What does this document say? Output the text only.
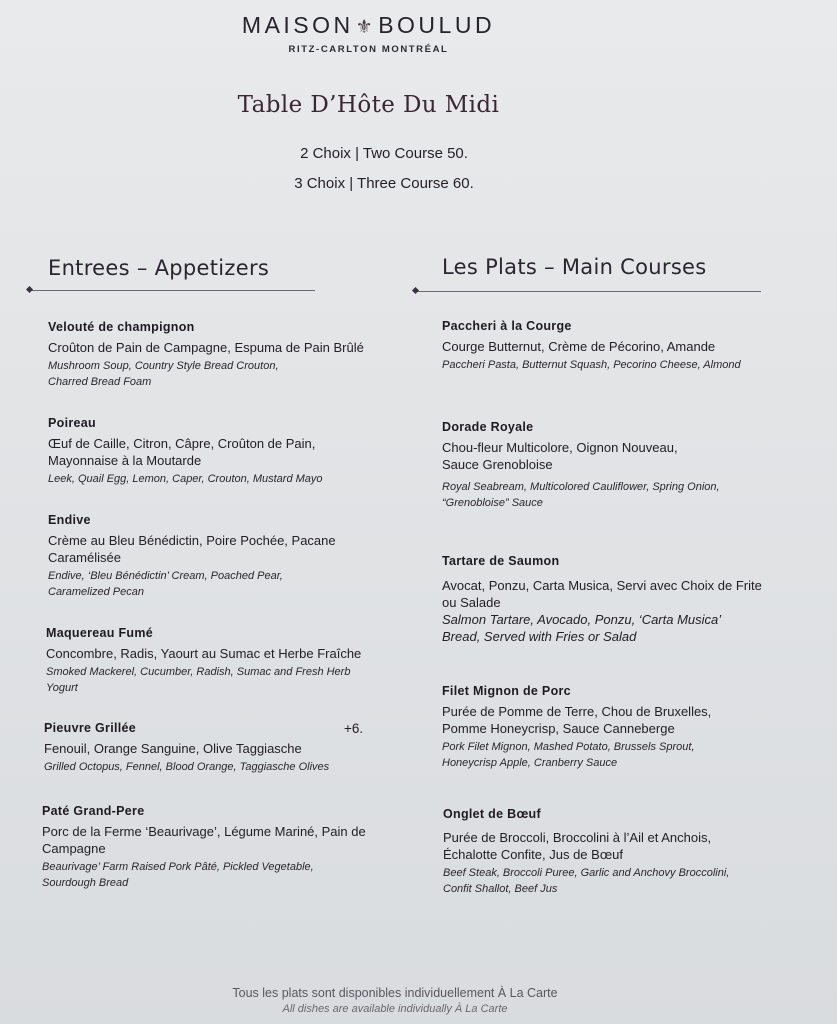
MAISON ⚜BOULUD
RITZ-CARLTON MONTRÉAL
Table D’Hôte Du Midi
2 Choix | Two Course 50.
3 Choix | Three Course 60.
Entrees – Appetizers	Les Plats – Main Courses

Velouté de champignon

Croûton de Pain de Campagne, Espuma de Pain Brûlé

Mushroom Soup, Country Style Bread Crouton, Charred Bread Foam

Poireau

Œuf de Caille, Citron, Câpre, Croûton de Pain, Mayonnaise à la Moutarde

Leek, Quail Egg, Lemon, Caper, Crouton, Mustard Mayo

Endive

Crème au Bleu Bénédictin, Poire Pochée, Pacane Caramélisée

Endive, ‘Bleu Bénédictin’ Cream, Poached Pear, Caramelized Pecan

Maquereau Fumé

Concombre, Radis, Yaourt au Sumac et Herbe Fraîche

Smoked Mackerel, Cucumber, Radish, Sumac and Fresh Herb Yogurt

Pieuvre Grillée

Fenouil, Orange Sanguine, Olive Taggiasche

Grilled Octopus, Fennel, Blood Orange, Taggiasche Olives

+6.

Paté Grand-Pere

Porc de la Ferme ‘Beaurivage’, Légume Mariné, Pain de Campagne

Beaurivage’ Farm Raised Pork Pâté, Pickled Vegetable, Sourdough Bread

Paccheri à la Courge

Courge Butternut, Crème de Pécorino, Amande

Paccheri Pasta, Butternut Squash, Pecorino Cheese, Almond

Dorade Royale

Chou-fleur Multicolore, Oignon Nouveau, Sauce Grenobloise

Royal Seabream, Multicolored Cauliflower, Spring Onion, “Grenobloise” Sauce

Tartare de Saumon

Avocat, Ponzu, Carta Musica, Servi avec Choix de Frite ou Salade

Salmon Tartare, Avocado, Ponzu, ‘Carta Musica’ Bread, Served with Fries or Salad

Filet Mignon de Porc

Purée de Pomme de Terre, Chou de Bruxelles, Pomme Honeycrisp, Sauce Canneberge

Pork Filet Mignon, Mashed Potato, Brussels Sprout, Honeycrisp Apple, Cranberry Sauce

Onglet de Bœuf

Purée de Broccoli, Broccolini à l’Ail et Anchois, Échalotte Confite, Jus de Bœuf

Beef Steak, Broccoli Puree, Garlic and Anchovy Broccolini, Confit Shallot, Beef Jus

Tous les plats sont disponibles individuellement À La Carte
All dishes are available individually À La Carte
